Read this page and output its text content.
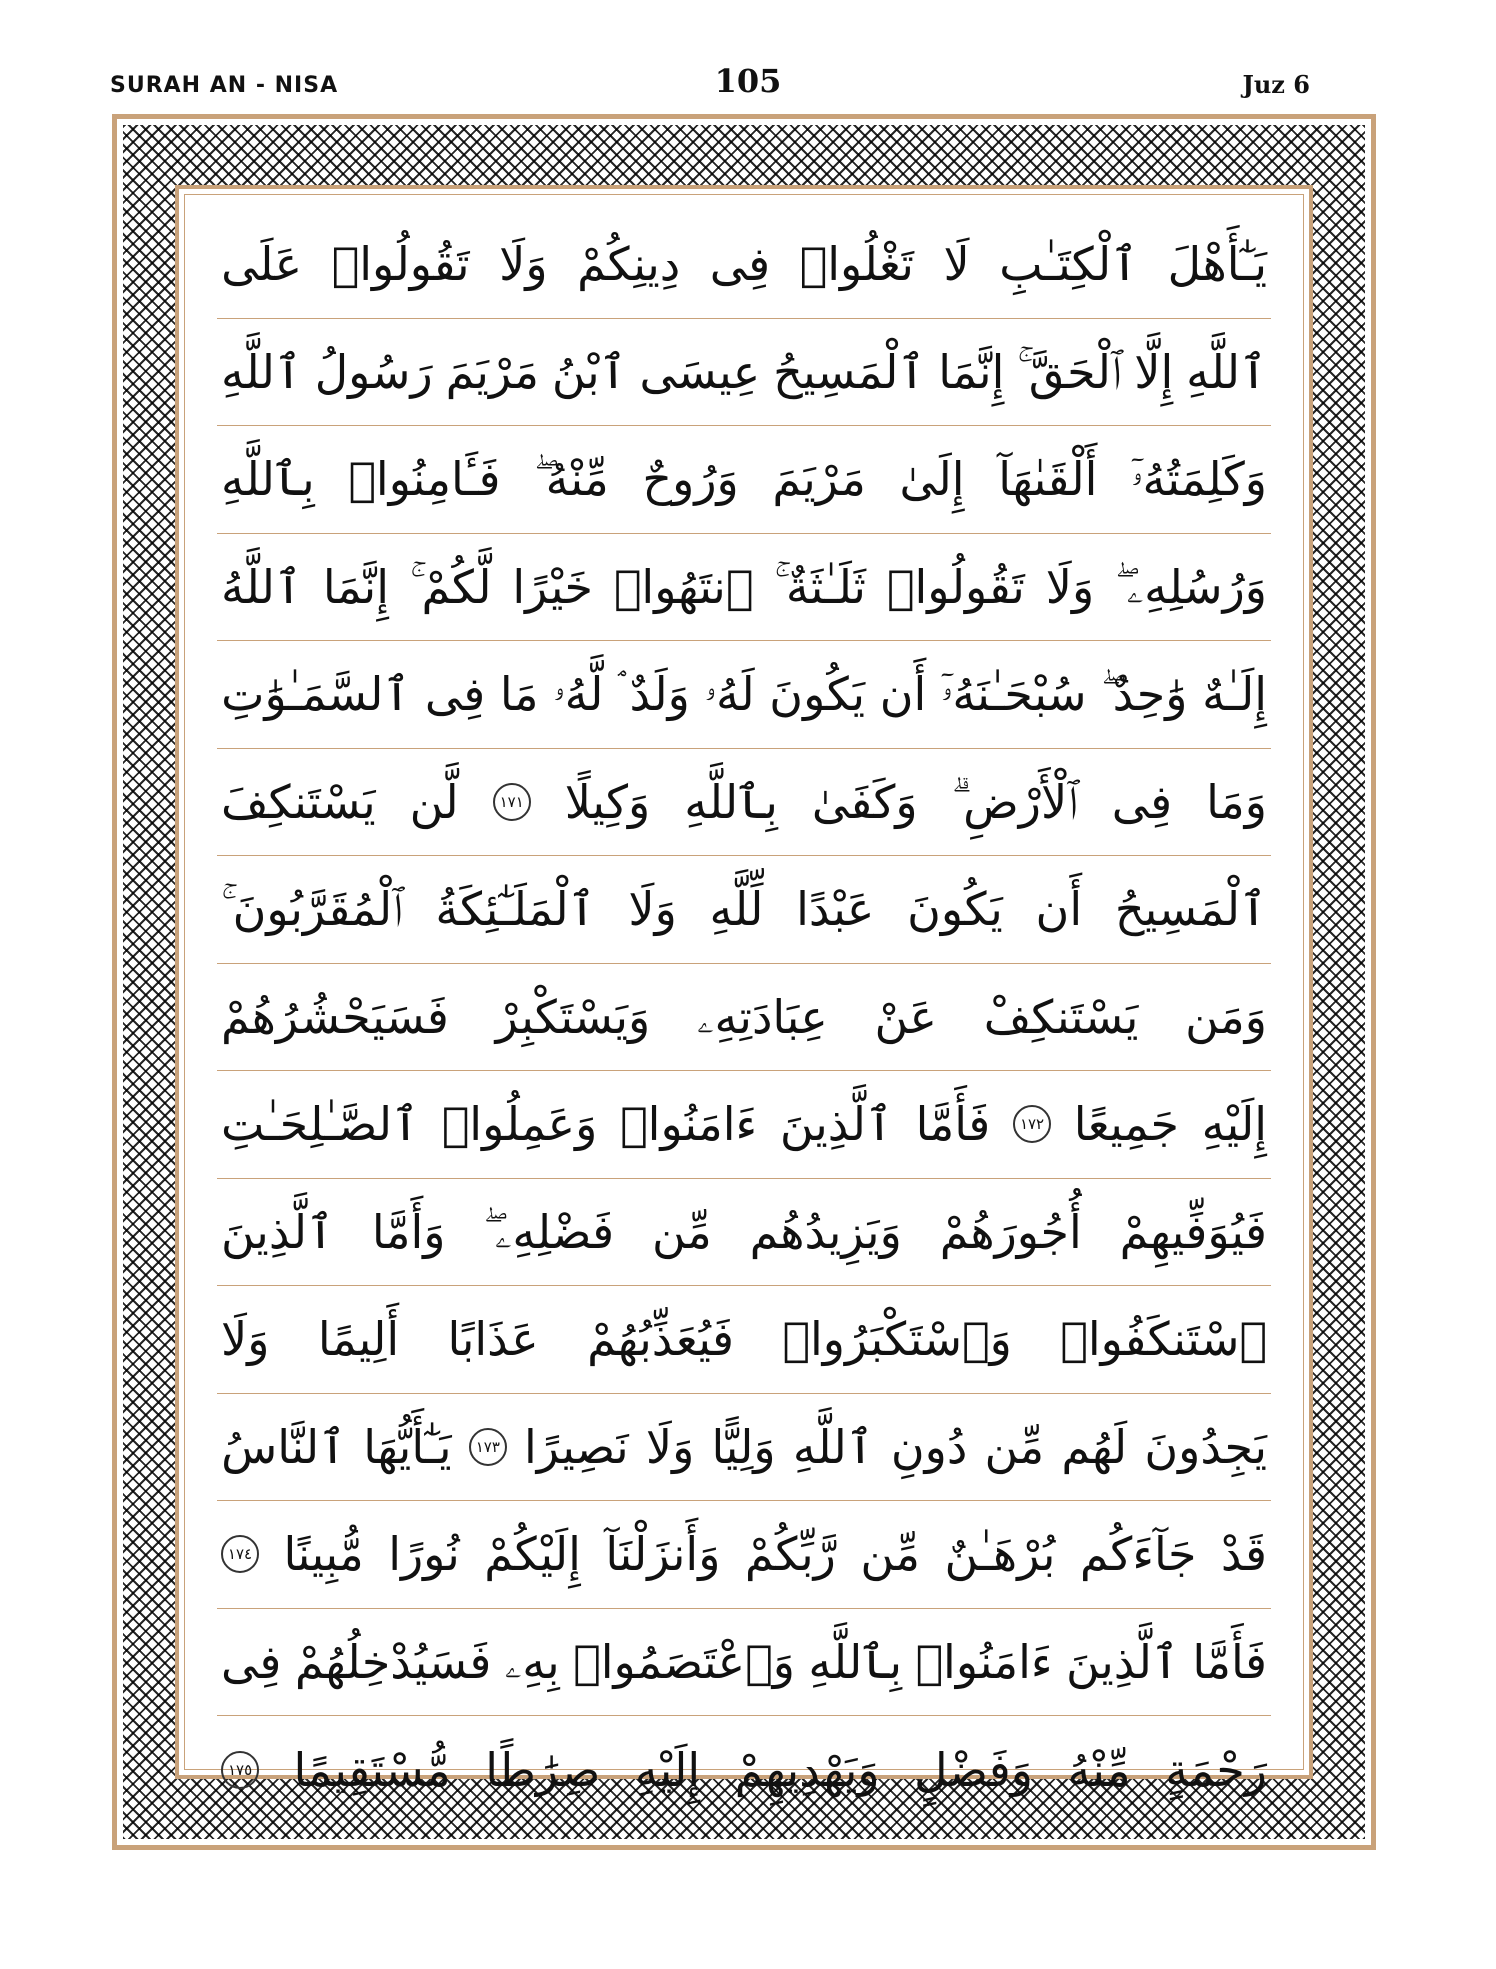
SURAH AN - NISA	105	Juz 6
يَـٰٓأَهْلَ
ٱلْكِتَـٰبِ
لَا
تَغْلُوا۟
فِى
دِينِكُمْ
وَلَا
تَقُولُوا۟
عَلَى
ٱللَّهِ
إِلَّا
ٱلْحَقَّ ۚ
إِنَّمَا
ٱلْمَسِيحُ
عِيسَى
ٱبْنُ
مَرْيَمَ
رَسُولُ
ٱللَّهِ
وَكَلِمَتُهُۥٓ
أَلْقَىٰهَآ
إِلَىٰ
مَرْيَمَ
وَرُوحٌ
مِّنْهُ ۖ
فَـَٔامِنُوا۟
بِٱللَّهِ
وَرُسُلِهِۦ ۖ
وَلَا
تَقُولُوا۟
ثَلَـٰثَةٌ ۚ
ٱنتَهُوا۟
خَيْرًا
لَّكُمْ ۚ
إِنَّمَا
ٱللَّهُ
إِلَـٰهٌ
وَٰحِدٌ ۖ
سُبْحَـٰنَهُۥٓ
أَن
يَكُونَ
لَهُۥ
وَلَدٌ ۘ
لَّهُۥ
مَا
فِى
ٱلسَّمَـٰوَٰتِ
وَمَا
فِى
ٱلْأَرْضِ ۗ
وَكَفَىٰ
بِٱللَّهِ
وَكِيلًا
١٧١
لَّن
يَسْتَنكِفَ
ٱلْمَسِيحُ
أَن
يَكُونَ
عَبْدًا
لِّلَّهِ
وَلَا
ٱلْمَلَـٰٓئِكَةُ
ٱلْمُقَرَّبُونَ ۚ
وَمَن
يَسْتَنكِفْ
عَنْ
عِبَادَتِهِۦ
وَيَسْتَكْبِرْ
فَسَيَحْشُرُهُمْ
إِلَيْهِ
جَمِيعًا
١٧٢
فَأَمَّا
ٱلَّذِينَ
ءَامَنُوا۟
وَعَمِلُوا۟
ٱلصَّـٰلِحَـٰتِ
فَيُوَفِّيهِمْ
أُجُورَهُمْ
وَيَزِيدُهُم
مِّن
فَضْلِهِۦ ۖ
وَأَمَّا
ٱلَّذِينَ
ٱسْتَنكَفُوا۟
وَٱسْتَكْبَرُوا۟
فَيُعَذِّبُهُمْ
عَذَابًا
أَلِيمًا
وَلَا
يَجِدُونَ
لَهُم
مِّن
دُونِ
ٱللَّهِ
وَلِيًّا
وَلَا
نَصِيرًا
١٧٣
يَـٰٓأَيُّهَا
ٱلنَّاسُ
قَدْ
جَآءَكُم
بُرْهَـٰنٌ
مِّن
رَّبِّكُمْ
وَأَنزَلْنَآ
إِلَيْكُمْ
نُورًا
مُّبِينًا
١٧٤
فَأَمَّا
ٱلَّذِينَ
ءَامَنُوا۟
بِٱللَّهِ
وَٱعْتَصَمُوا۟
بِهِۦ
فَسَيُدْخِلُهُمْ
فِى
رَحْمَةٍ
مِّنْهُ
وَفَضْلٍ
وَيَهْدِيهِمْ
إِلَيْهِ
صِرَٰطًا
مُّسْتَقِيمًا
١٧٥
